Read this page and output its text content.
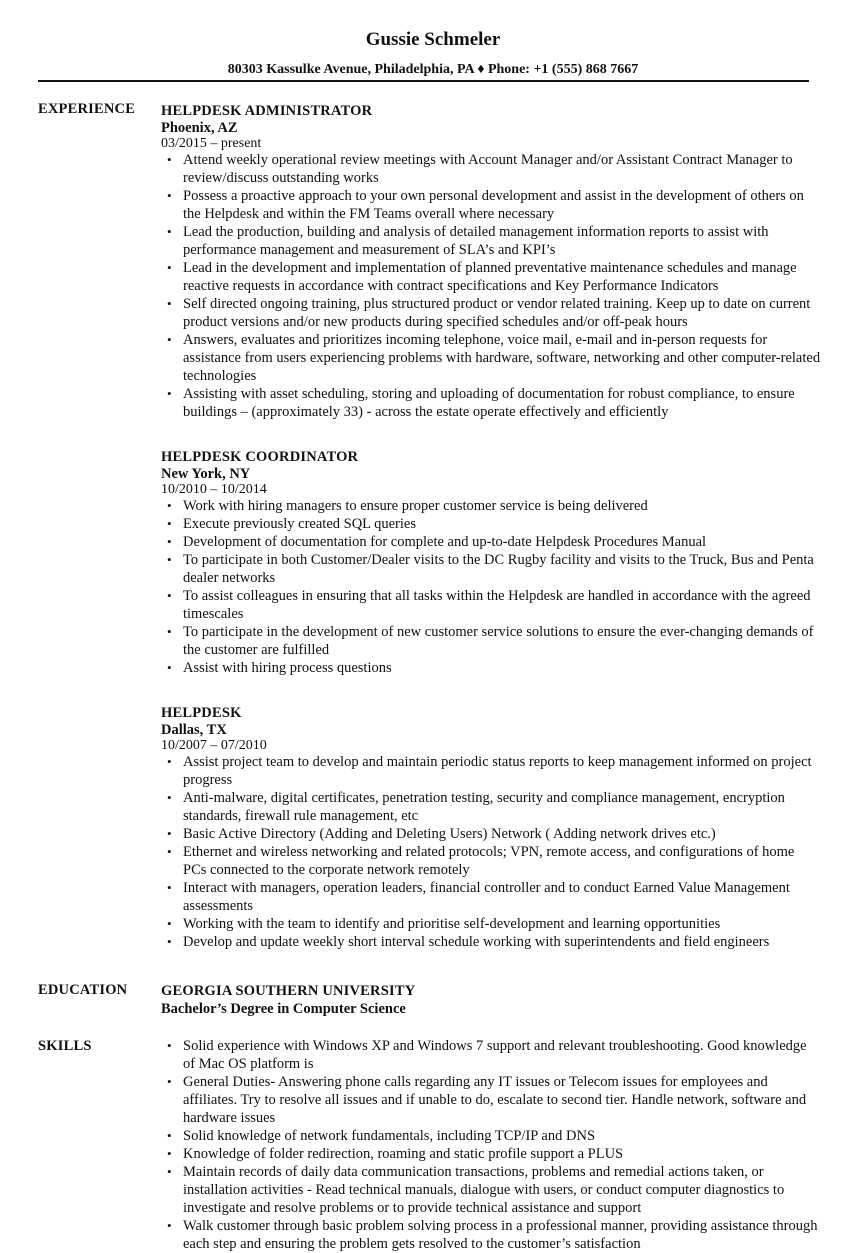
Gussie Schmeler
80303 Kassulke Avenue, Philadelphia, PA ♦ Phone: +1 (555) 868 7667
EXPERIENCE HELPDESK ADMINISTRATOR
Phoenix, AZ
03/2015 – present
• Attend weekly operational review meetings with Account Manager and/or Assistant Contract Manager to review/discuss outstanding works
• Possess a proactive approach to your own personal development and assist in the development of others on the Helpdesk and within the FM Teams overall where necessary
• Lead the production, building and analysis of detailed management information reports to assist with performance management and measurement of SLA’s and KPI’s
• Lead in the development and implementation of planned preventative maintenance schedules and manage reactive requests in accordance with contract specifications and Key Performance Indicators
• Self directed ongoing training, plus structured product or vendor related training. Keep up to date on current product versions and/or new products during specified schedules and/or off-peak hours
• Answers, evaluates and prioritizes incoming telephone, voice mail, e-mail and in-person requests for assistance from users experiencing problems with hardware, software, networking and other computer-related technologies
• Assisting with asset scheduling, storing and uploading of documentation for robust compliance, to ensure buildings – (approximately 33) - across the estate operate effectively and efficiently
HELPDESK COORDINATOR
New York, NY
10/2010 – 10/2014
• Work with hiring managers to ensure proper customer service is being delivered
• Execute previously created SQL queries
• Development of documentation for complete and up-to-date Helpdesk Procedures Manual
• To participate in both Customer/Dealer visits to the DC Rugby facility and visits to the Truck, Bus and Penta dealer networks
• To assist colleagues in ensuring that all tasks within the Helpdesk are handled in accordance with the agreed timescales
• To participate in the development of new customer service solutions to ensure the ever-changing demands of the customer are fulfilled
• Assist with hiring process questions
HELPDESK
Dallas, TX
10/2007 – 07/2010
• Assist project team to develop and maintain periodic status reports to keep management informed on project progress
• Anti-malware, digital certificates, penetration testing, security and compliance management, encryption standards, firewall rule management, etc
• Basic Active Directory (Adding and Deleting Users) Network ( Adding network drives etc.)
• Ethernet and wireless networking and related protocols; VPN, remote access, and configurations of home PCs connected to the corporate network remotely
• Interact with managers, operation leaders, financial controller and to conduct Earned Value Management assessments
• Working with the team to identify and prioritise self-development and learning opportunities
• Develop and update weekly short interval schedule working with superintendents and field engineers
EDUCATION GEORGIA SOUTHERN UNIVERSITY
Bachelor’s Degree in Computer Science
SKILLS
•	Solid experience with Windows XP and Windows 7 support and relevant troubleshooting. Good knowledge of Mac OS platform is
• General Duties- Answering phone calls regarding any IT issues or Telecom issues for employees and affiliates. Try to resolve all issues and if unable to do, escalate to second tier. Handle network, software and hardware issues
• Solid knowledge of network fundamentals, including TCP/IP and DNS
• Knowledge of folder redirection, roaming and static profile support a PLUS
• Maintain records of daily data communication transactions, problems and remedial actions taken, or installation activities - Read technical manuals, dialogue with users, or conduct computer diagnostics to investigate and resolve problems or to provide technical assistance and support
• Walk customer through basic problem solving process in a professional manner, providing assistance through each step and ensuring the problem gets resolved to the customer’s satisfaction
